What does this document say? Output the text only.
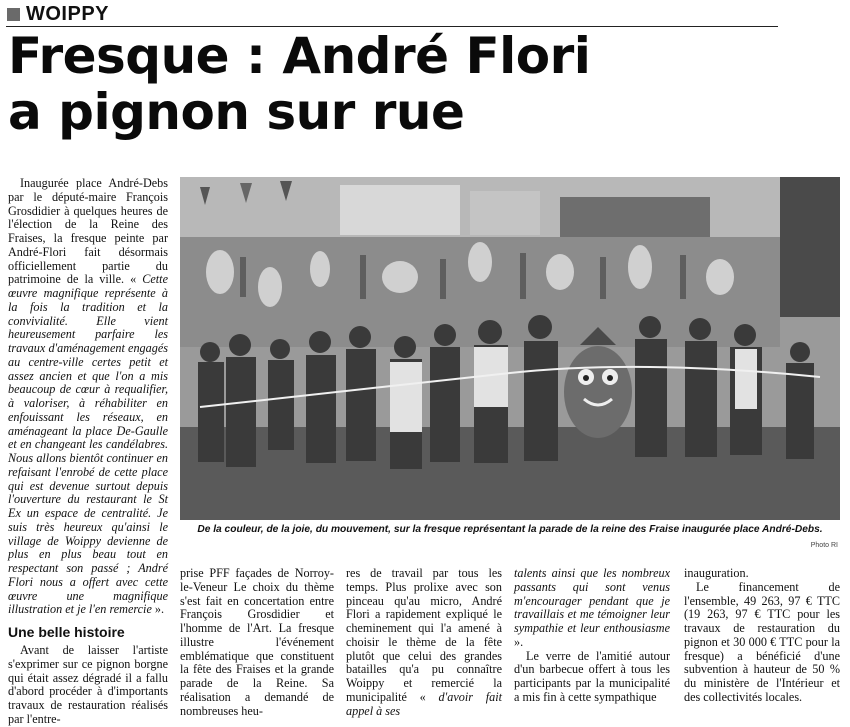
WOIPPY
Fresque : André Flori
a pignon sur rue

Inaugurée place André-Debs par le député-maire François Grosdidier à quelques heures de l'élection de la Reine des Fraises, la fresque peinte par André-Flori fait désormais officiellement partie du patrimoine de la ville. « Cette œuvre magnifique représente à la fois la tradition et la convivialité. Elle vient heureusement parfaire les travaux d'aménagement engagés au centre-ville certes petit et assez ancien et que l'on a mis beaucoup de cœur à requalifier, à valoriser, à réhabiliter en enfouissant les réseaux, en aménageant la place De-Gaulle et en changeant les candélabres. Nous allons bientôt continuer en refaisant l'enrobé de cette place qui est devenue surtout depuis l'ouverture du restaurant le St Ex un espace de centralité. Je suis très heureux qu'ainsi le village de Woippy devienne de plus en plus beau tout en respectant son passé ; André Flori nous a offert avec cette œuvre une magnifique illustration et je l'en remercie ».

Une belle histoire

Avant de laisser l'artiste s'exprimer sur ce pignon borgne qui était assez dégradé il a fallu d'abord procéder à d'importants travaux de restauration réalisés par l'entre-

De la couleur, de la joie, du mouvement, sur la fresque représentant la parade de la reine des Fraise inaugurée place André-Debs.

Photo RI

prise PFF façades de Norroy-le-Veneur Le choix du thème s'est fait en concertation entre François Grosdidier et l'homme de l'Art. La fresque illustre l'événement emblématique que constituent la fête des Fraises et la grande parade de la Reine. Sa réalisation a demandé de nombreuses heu-

res de travail par tous les temps. Plus prolixe avec son pinceau qu'au micro, André Flori a rapidement expliqué le cheminement qui l'a amené à choisir le thème de la fête plutôt que celui des grandes batailles qu'a pu connaître Woippy et remercié la municipalité « d'avoir fait appel à ses

talents ainsi que les nombreux passants qui sont venus m'encourager pendant que je travaillais et me témoigner leur sympathie et leur enthousiasme ».

Le verre de l'amitié autour d'un barbecue offert à tous les participants par la municipalité a mis fin à cette sympathique

inauguration.

Le financement de l'ensemble, 49 263, 97 € TTC (19 263, 97 € TTC pour les travaux de restauration du pignon et 30 000 € TTC pour la fresque) a bénéficié d'une subvention à hauteur de 50 % du ministère de l'Intérieur et des collectivités locales.
